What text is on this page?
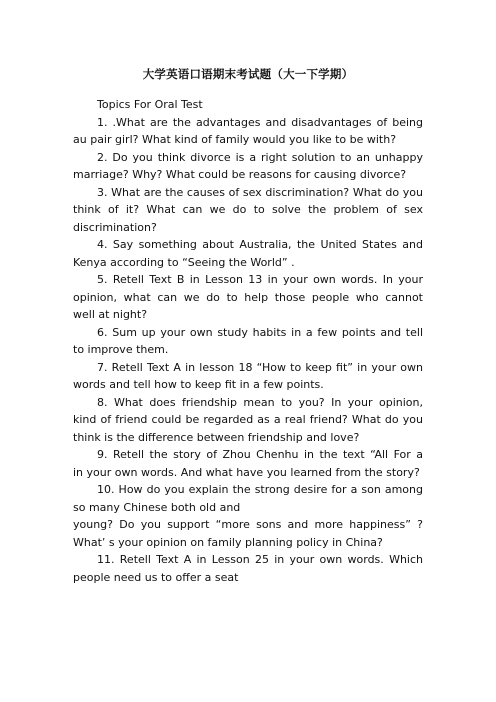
大学英语口语期末考试题（大一下学期）
Topics For Oral Test
1. .What are the advantages and disadvantages of being
au pair girl? What kind of family would you like to be with?
2. Do you think divorce is a right solution to an unhappy
marriage? Why? What could be reasons for causing divorce?
3. What are the causes of sex discrimination? What do you
think of it? What can we do to solve the problem of sex
discrimination?
4. Say something about Australia, the United States and
Kenya according to “Seeing the World” .
5. Retell Text B in Lesson 13 in your own words. In your
opinion, what can we do to help those people who cannot
well at night?
6. Sum up your own study habits in a few points and tell
to improve them.
7. Retell Text A in lesson 18 “How to keep fit” in your own
words and tell how to keep fit in a few points.
8. What does friendship mean to you? In your opinion,
kind of friend could be regarded as a real friend? What do you
think is the difference between friendship and love?
9. Retell the story of Zhou Chenhu in the text “All For a
in your own words. And what have you learned from the story?
10. How do you explain the strong desire for a son among
so many Chinese both old and
young? Do you support “more sons and more happiness” ?
What’ s your opinion on family planning policy in China?
11. Retell Text A in Lesson 25 in your own words. Which
people need us to offer a seat
